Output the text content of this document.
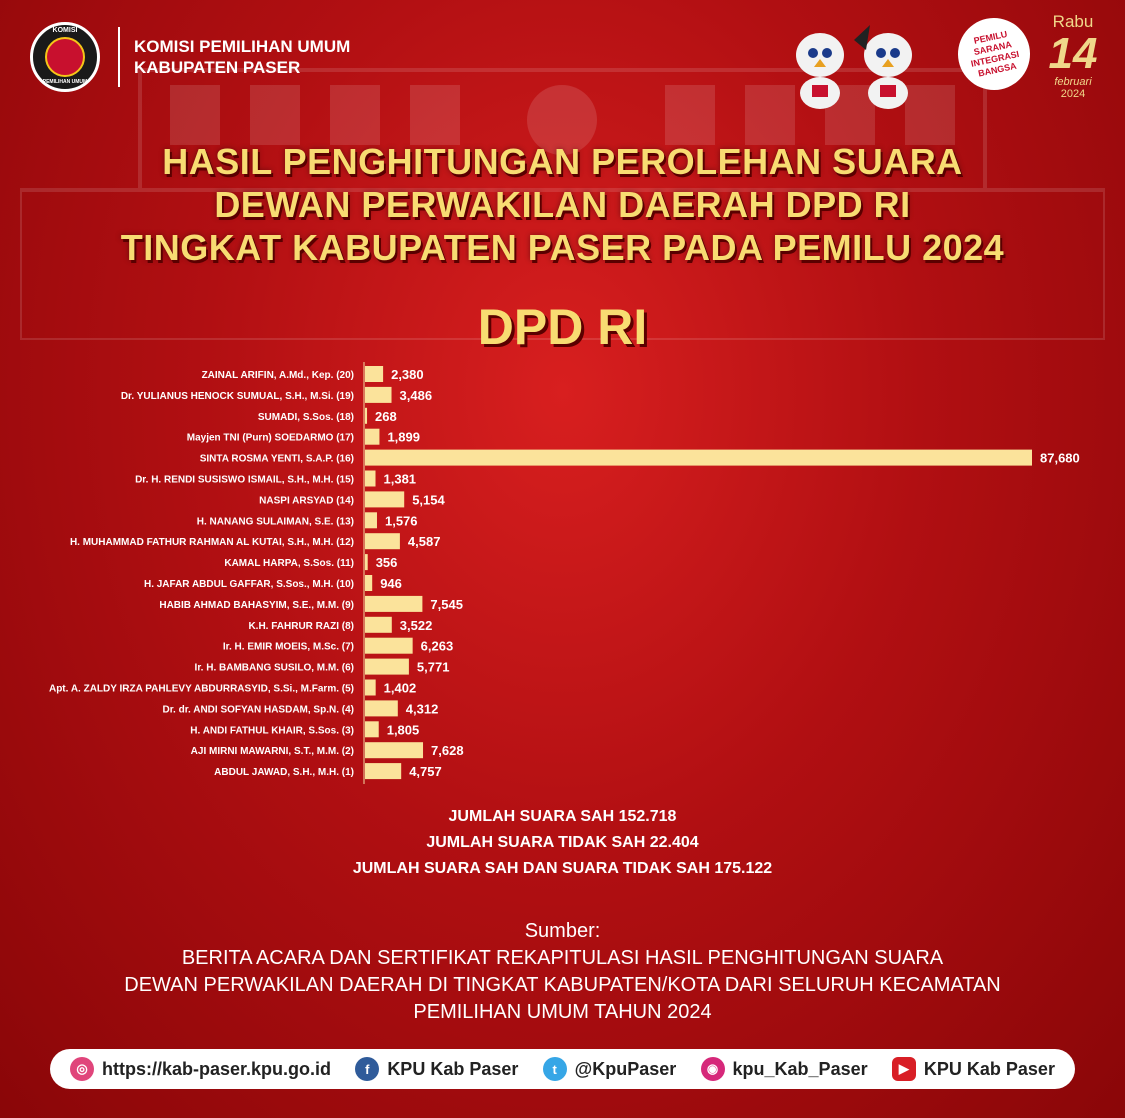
KOMISI
PEMILIHAN UMUM
KOMISI PEMILIHAN UMUM
KABUPATEN PASER
PEMILU SARANA INTEGRASI BANGSA
Rabu
14
februari
2024
HASIL PENGHITUNGAN PEROLEHAN SUARA
DEWAN PERWAKILAN DAERAH DPD RI
TINGKAT KABUPATEN PASER PADA PEMILU 2024
DPD RI
ZAINAL ARIFIN, A.Md., Kep. (20)	2,380
Dr. YULIANUS HENOCK SUMUAL, S.H., M.Si. (19)	3,486
SUMADI, S.Sos. (18) 268
Mayjen TNI (Purn) SOEDARMO (17)	1,899
SINTA ROSMA YENTI, S.A.P. (16)	87,680
Dr. H. RENDI SUSISWO ISMAIL, S.H., M.H. (15) 1,381
NASPI ARSYAD (14)	5,154
H. NANANG SULAIMAN, S.E. (13) 1,576
H. MUHAMMAD FATHUR RAHMAN AL KUTAI, S.H., M.H. (12)	4,587
KAMAL HARPA, S.Sos. (11) 356
H. JAFAR ABDUL GAFFAR, S.Sos., M.H. (10) 946
HABIB AHMAD BAHASYIM, S.E., M.M. (9)	7,545
K.H. FAHRUR RAZI (8)	3,522
Ir. H. EMIR MOEIS, M.Sc. (7)	6,263
Ir. H. BAMBANG SUSILO, M.M. (6)	5,771
Apt. A. ZALDY IRZA PAHLEVY ABDURRASYID, S.Si., M.Farm. (5) 1,402
Dr. dr. ANDI SOFYAN HASDAM, Sp.N. (4)	4,312
H. ANDI FATHUL KHAIR, S.Sos. (3)	1,805
AJI MIRNI MAWARNI, S.T., M.M. (2)	7,628
ABDUL JAWAD, S.H., M.H. (1)	4,757
JUMLAH SUARA SAH 152.718
JUMLAH SUARA TIDAK SAH 22.404
JUMLAH SUARA SAH DAN SUARA TIDAK SAH 175.122
Sumber:
BERITA ACARA DAN SERTIFIKAT REKAPITULASI HASIL PENGHITUNGAN SUARA
DEWAN PERWAKILAN DAERAH DI TINGKAT KABUPATEN/KOTA DARI SELURUH KECAMATAN
PEMILIHAN UMUM TAHUN 2024
◎ https://kab-paser.kpu.go.id	f KPU Kab Paser	t @KpuPaser	◉ kpu_Kab_Paser	▶ KPU Kab Paser
